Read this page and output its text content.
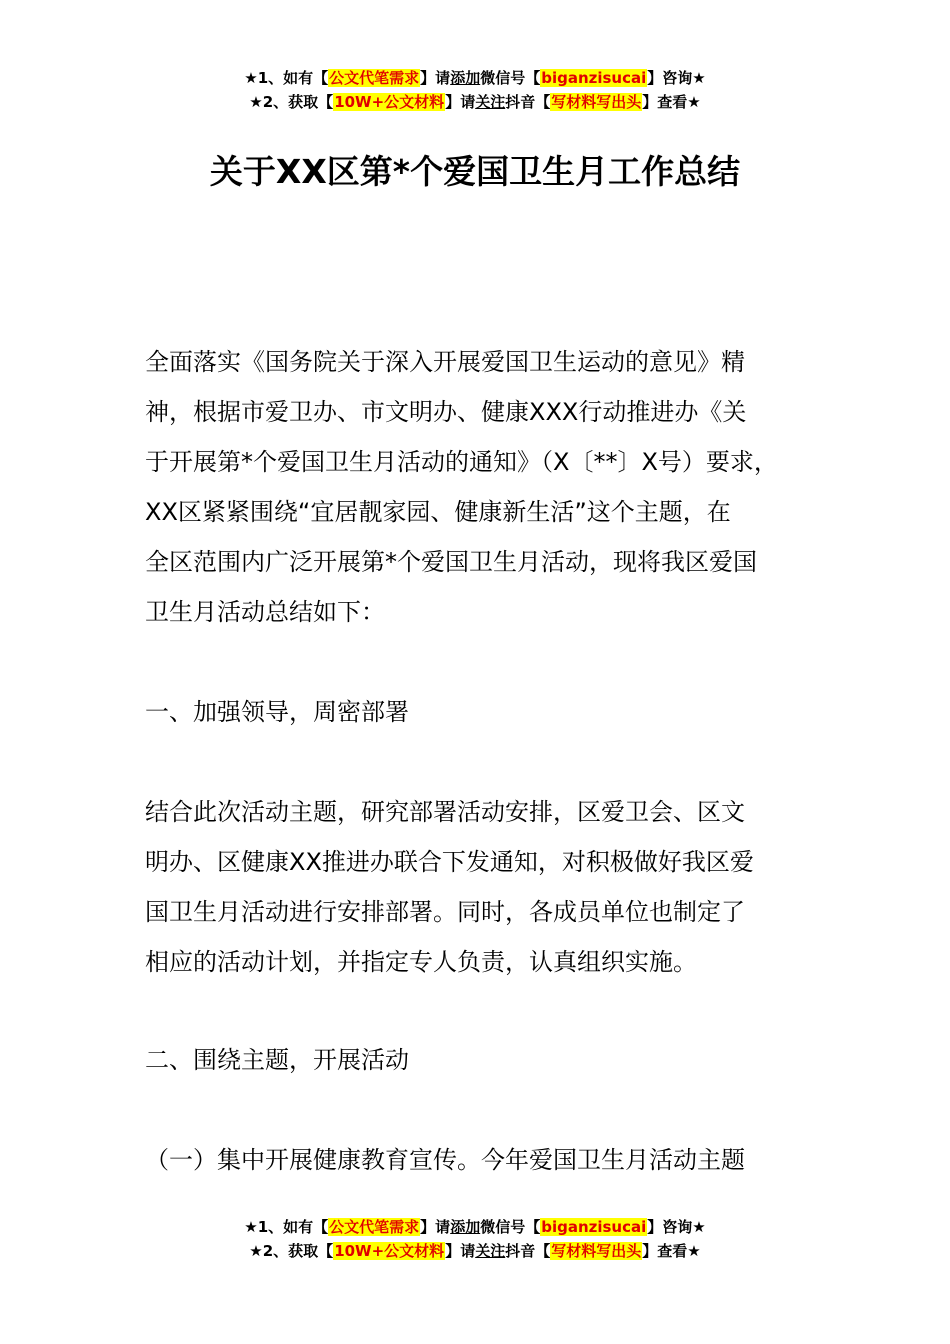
★1、如有【公文代笔需求】请添加微信号【biganzisucai】咨询★
★2、获取【10W+公文材料】请关注抖音【写材料写出头】查看★
关于XX区第*个爱国卫生月工作总结
全面落实《国务院关于深入开展爱国卫生运动的意见》精
神，根据市爱卫办、市文明办、健康XXX行动推进办《关
于开展第*个爱国卫生月活动的通知》（X〔**〕X号）要求，
XX区紧紧围绕“宜居靓家园、健康新生活”这个主题，在
全区范围内广泛开展第*个爱国卫生月活动，现将我区爱国
卫生月活动总结如下：
一、加强领导，周密部署
结合此次活动主题，研究部署活动安排，区爱卫会、区文
明办、区健康XX推进办联合下发通知，对积极做好我区爱
国卫生月活动进行安排部署。同时，各成员单位也制定了
相应的活动计划，并指定专人负责，认真组织实施。
二、围绕主题，开展活动
（一）集中开展健康教育宣传。今年爱国卫生月活动主题
★1、如有【公文代笔需求】请添加微信号【biganzisucai】咨询★
★2、获取【10W+公文材料】请关注抖音【写材料写出头】查看★
